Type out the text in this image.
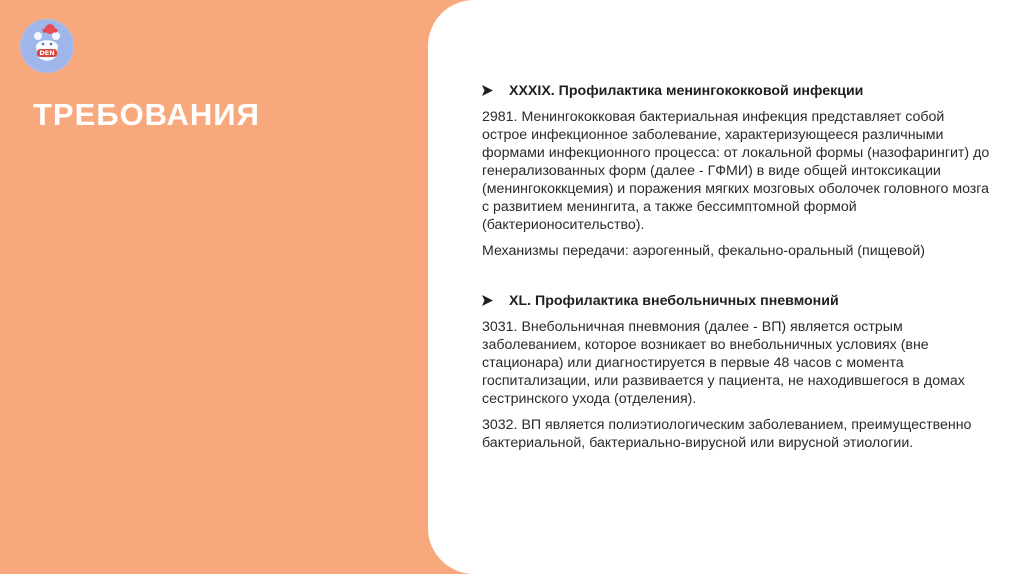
DEN
ТРЕБОВАНИЯ
XXXIX. Профилактика менингококковой инфекции

2981. Менингококковая бактериальная инфекция представляет собой острое инфекционное заболевание, характеризующееся различными формами инфекционного процесса: от локальной формы (назофарингит) до генерализованных форм (далее - ГФМИ) в виде общей интоксикации (менингококкцемия) и поражения мягких мозговых оболочек головного мозга с развитием менингита, а также бессимптомной формой (бактерионосительство).

Механизмы передачи: аэрогенный, фекально-оральный (пищевой)

XL. Профилактика внебольничных пневмоний

3031. Внебольничная пневмония (далее - ВП) является острым заболеванием, которое возникает во внебольничных условиях (вне стационара) или диагностируется в первые 48 часов с момента госпитализации, или развивается у пациента, не находившегося в домах сестринского ухода (отделения).

3032. ВП является полиэтиологическим заболеванием, преимущественно бактериальной, бактериально-вирусной или вирусной этиологии.
